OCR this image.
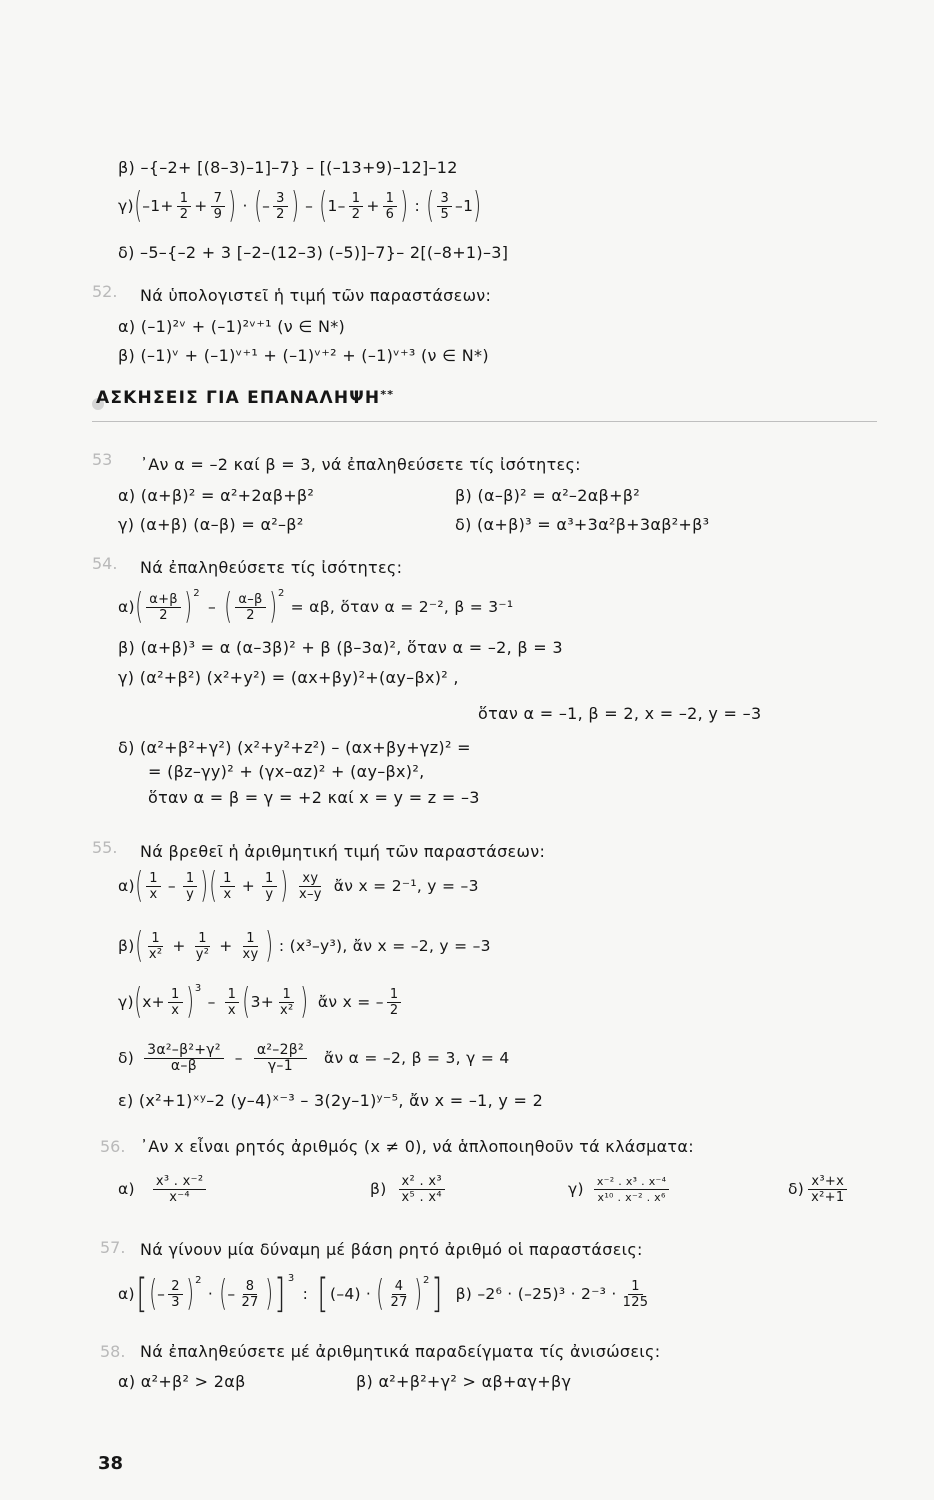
β) –{–2+ [(8–3)–1]–7} – [(–13+9)–12]–12
γ) ( $-1+ \frac{1}{2} + \frac{7}{9}$ ) · ( – $\frac{3}{2}$ ) – ( $1- \frac{1}{2} + \frac{1}{6}$ ) : ( $\frac{3}{5} -1$ )
δ) –5–{–2 + 3 [–2–(12–3) (–5)]–7}– 2[(–8+1)–3]
52. Νά ὑπολογιστεῖ ἡ τιμή τῶν παραστάσεων:
α) (–1)²ᵛ + (–1)²ᵛ⁺¹ (ν ∈ N*)
β) (–1)ᵛ + (–1)ᵛ⁺¹ + (–1)ᵛ⁺² + (–1)ᵛ⁺³ (ν ∈ N*)
ΑΣΚΗΣΕΙΣ ΓΙΑ ΕΠΑΝΑΛΗΨΗ**
53 ᾿Αν α = –2 καί β = 3, νά ἐπαληθεύσετε τίς ἰσότητες:
α) (α+β)² = α²+2αβ+β²	β) (α–β)² = α²–2αβ+β²
γ) (α+β) (α–β) = α²–β²	δ) (α+β)³ = α³+3α²β+3αβ²+β³
54. Νά ἐπαληθεύσετε τίς ἰσότητες:
α) ( $\frac{\alpha+\beta}{2}$ ) 2
– ( $\frac{\alpha-\beta}{2}$ ) 2
= αβ, ὅταν α = 2⁻², β = 3⁻¹
β) (α+β)³ = α (α–3β)² + β (β–3α)², ὅταν α = –2, β = 3
γ) (α²+β²) (x²+y²) = (αx+βy)²+(αy–βx)² ,
ὅταν α = –1, β = 2, x = –2, y = –3
δ) (α²+β²+γ²) (x²+y²+z²) – (αx+βy+γz)² =
= (βz–γy)² + (γx–αz)² + (αy–βx)²,
ὅταν α = β = γ = +2 καί x = y = z = –3
55. Νά βρεθεῖ ἡ ἀριθμητική τιμή τῶν παραστάσεων:
α) ( $\frac{1}{x} - \frac{1}{y}$ ) ( $\frac{1}{x} + \frac{1}{y}$ ) $\frac{xy}{x-y}$ ἄν x = 2⁻¹, y = –3
β) ( $\frac{1}{\text{x²}} + \frac{1}{\text{y²}} + \frac{1}{xy}$ ) : (x³–y³), ἄν x = –2, y = –3
γ) ( $x+ \frac{1}{x}$ ) 3
– $\frac{1}{x}$ ( $3+ \frac{1}{\text{x²}}$ ) ἄν x = – $\frac{1}{2}$
$\delta) \frac{\text{3α²–β²+γ²}}{\alpha-\beta} - \frac{\text{α²–2β²}}{\gamma-1}$ ἄν α = –2, β = 3, γ = 4
ε) (x²+1)ˣʸ–2 (y–4)ˣ⁻³ – 3(2y–1)ʸ⁻⁵, ἄν x = –1, y = 2
56. ᾿Αν x εἶναι ρητός ἀριθμός (x ≠ 0), νά ἁπλοποιηθοῦν τά κλάσματα:
$\alpha) \frac{\text{x³ . x⁻²}}{\text{x⁻⁴}}$	$\beta) \frac{\text{x² . x³}}{\text{x⁵ . x⁴}}$	$\gamma) \frac{\text{x⁻² . x³ . x⁻⁴}}{\text{x¹⁰ . x⁻² . x⁶}}$	$\delta) \frac{\text{x³+x}}{\text{x²+1}}$
57. Νά γίνουν μία δύναμη μέ βάση ρητό ἀριθμό οἱ παραστάσεις:
α) [ ( – $\frac{2}{3}$ ) 2
· ( – $\frac{8}{27}$ ) ] 3
: [ (–4) · ( $\frac{4}{27}$ ) 2 ] β) $-2^6 \cdot (-25)^3 \cdot 2^{-3} \cdot \frac{1}{125}$
58. Νά ἐπαληθεύσετε μέ ἀριθμητικά παραδείγματα τίς ἀνισώσεις:
α) α²+β² > 2αβ	β) α²+β²+γ² > αβ+αγ+βγ
38
